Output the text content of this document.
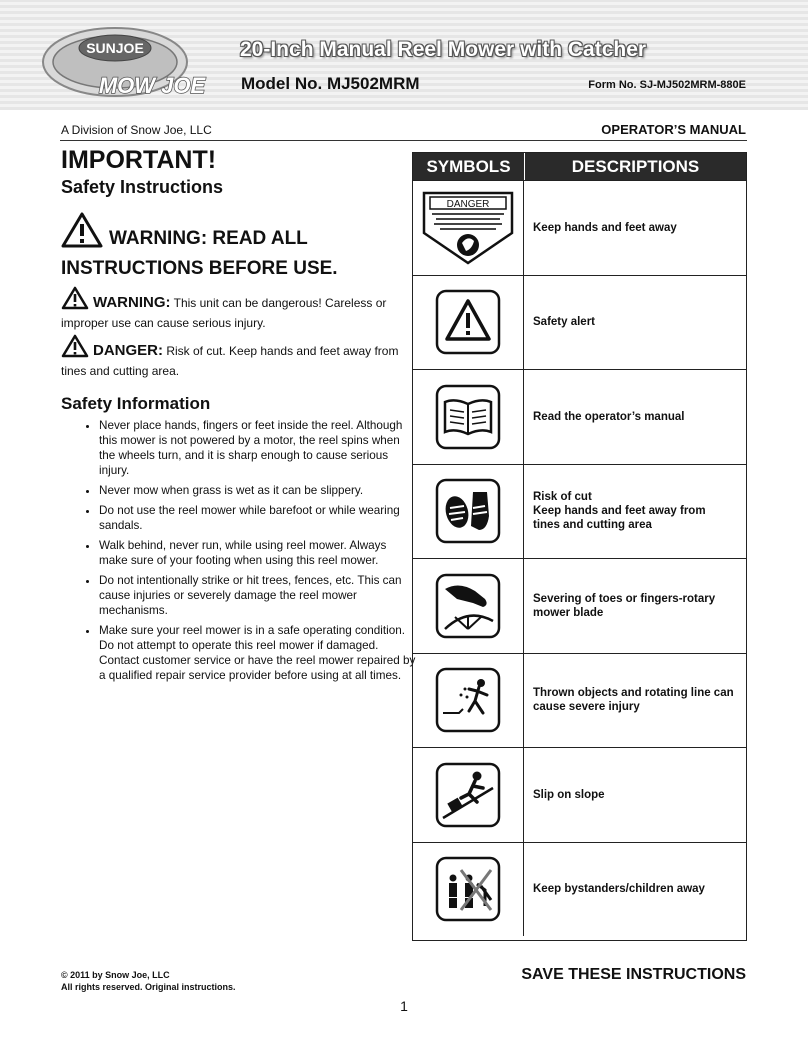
SUNJOE
MOW JOE
20-Inch Manual Reel Mower with Catcher
Model No. MJ502MRM	Form No. SJ-MJ502MRM-880E
A Division of Snow Joe, LLC	OPERATOR’S MANUAL
IMPORTANT!
Safety Instructions
WARNING: READ ALL INSTRUCTIONS BEFORE USE.
WARNING: This unit can be dangerous! Careless or improper use can cause serious injury.
DANGER: Risk of cut. Keep hands and feet away from tines and cutting area.
Safety Information
• Never place hands, fingers or feet inside the reel. Although this mower is not powered by a motor, the reel spins when the wheels turn, and it is sharp enough to cause serious injury.
• Never mow when grass is wet as it can be slippery.
• Do not use the reel mower while barefoot or while wearing sandals.
• Walk behind, never run, while using reel mower. Always make sure of your footing when using this reel mower.
• Do not intentionally strike or hit trees, fences, etc. This can cause injuries or severely damage the reel mower mechanisms.
• Make sure your reel mower is in a safe operating condition. Do not attempt to operate this reel mower if damaged. Contact customer service or have the reel mower repaired by a qualified repair service provider before using at all times.
SYMBOLS	DESCRIPTIONS
DANGER
Keep hands and feet away
Safety alert
Read the operator’s manual
Risk of cut
Keep hands and feet away from tines and cutting area
Severing of toes or fingers-rotary mower blade
Thrown objects and rotating line can cause severe injury
Slip on slope
Keep bystanders/children away
© 2011 by Snow Joe, LLC
All rights reserved. Original instructions.
SAVE THESE INSTRUCTIONS
1
